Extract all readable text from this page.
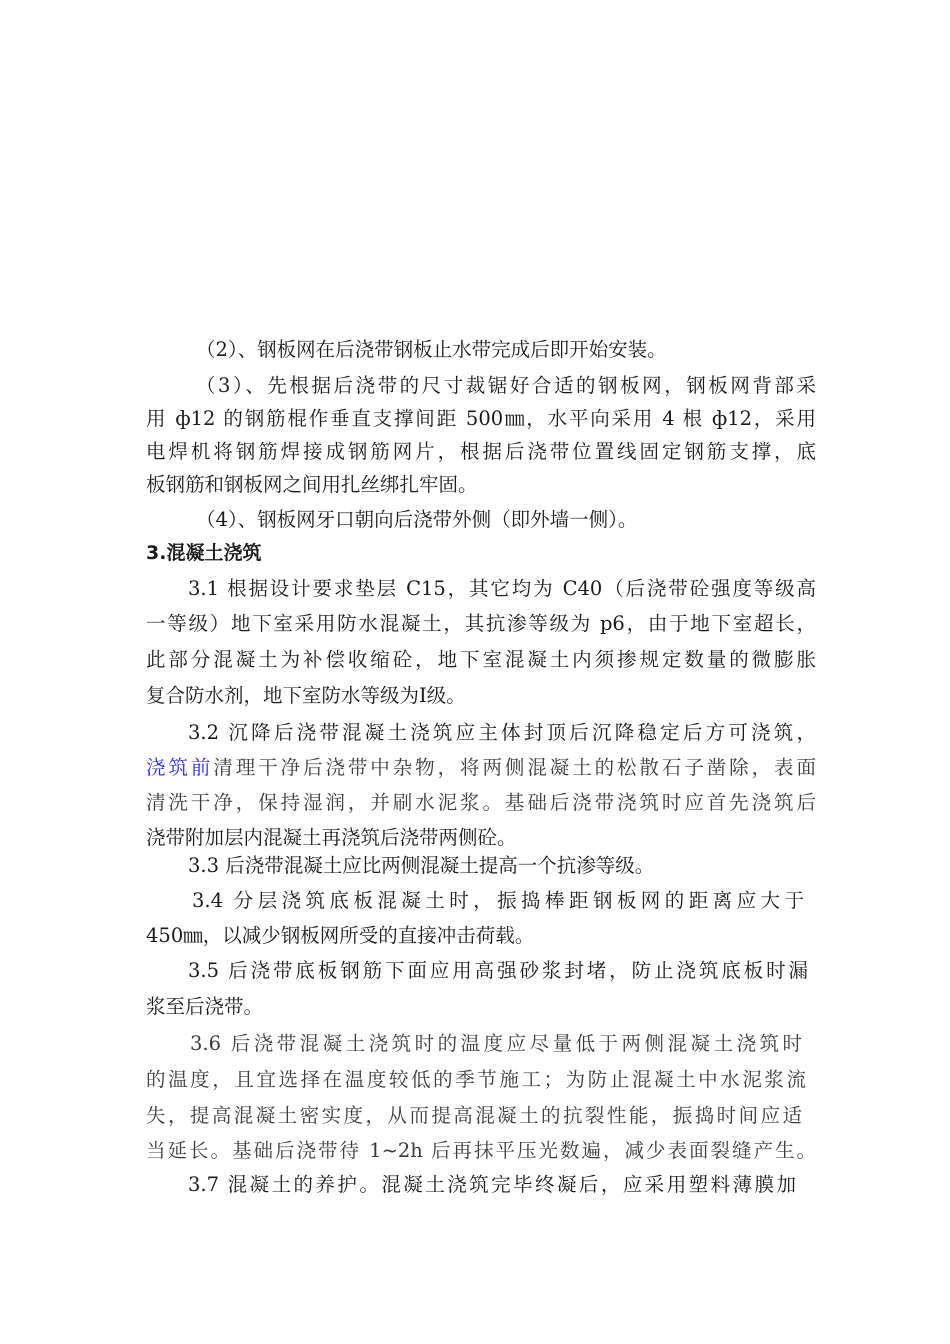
（2）、钢板网在后浇带钢板止水带完成后即开始安装。
（3）、先根据后浇带的尺寸裁锯好合适的钢板网，钢板网背部采
用 ф12 的钢筋棍作垂直支撑间距 500㎜，水平向采用 4 根 ф12，采用
电焊机将钢筋焊接成钢筋网片，根据后浇带位置线固定钢筋支撑，底
板钢筋和钢板网之间用扎丝绑扎牢固。
（4）、钢板网牙口朝向后浇带外侧（即外墙一侧）。
3.混凝土浇筑
3.1 根据设计要求垫层 C15，其它均为 C40（后浇带砼强度等级高
一等级）地下室采用防水混凝土，其抗渗等级为 p6，由于地下室超长，
此部分混凝土为补偿收缩砼，地下室混凝土内须掺规定数量的微膨胀
复合防水剂，地下室防水等级为Ⅰ级。
3.2 沉降后浇带混凝土浇筑应主体封顶后沉降稳定后方可浇筑，
浇筑前清理干净后浇带中杂物，将两侧混凝土的松散石子凿除，表面
清洗干净，保持湿润，并刷水泥浆。基础后浇带浇筑时应首先浇筑后
浇带附加层内混凝土再浇筑后浇带两侧砼。
3.3 后浇带混凝土应比两侧混凝土提高一个抗渗等级。
3.4 分层浇筑底板混凝土时，振捣棒距钢板网的距离应大于
450㎜，以减少钢板网所受的直接冲击荷载。
3.5 后浇带底板钢筋下面应用高强砂浆封堵，防止浇筑底板时漏
浆至后浇带。
3.6 后浇带混凝土浇筑时的温度应尽量低于两侧混凝土浇筑时
的温度，且宜选择在温度较低的季节施工；为防止混凝土中水泥浆流
失，提高混凝土密实度，从而提高混凝土的抗裂性能，振捣时间应适
当延长。基础后浇带待 1~2h 后再抹平压光数遍，减少表面裂缝产生。
3.7 混凝土的养护。混凝土浇筑完毕终凝后，应采用塑料薄膜加
